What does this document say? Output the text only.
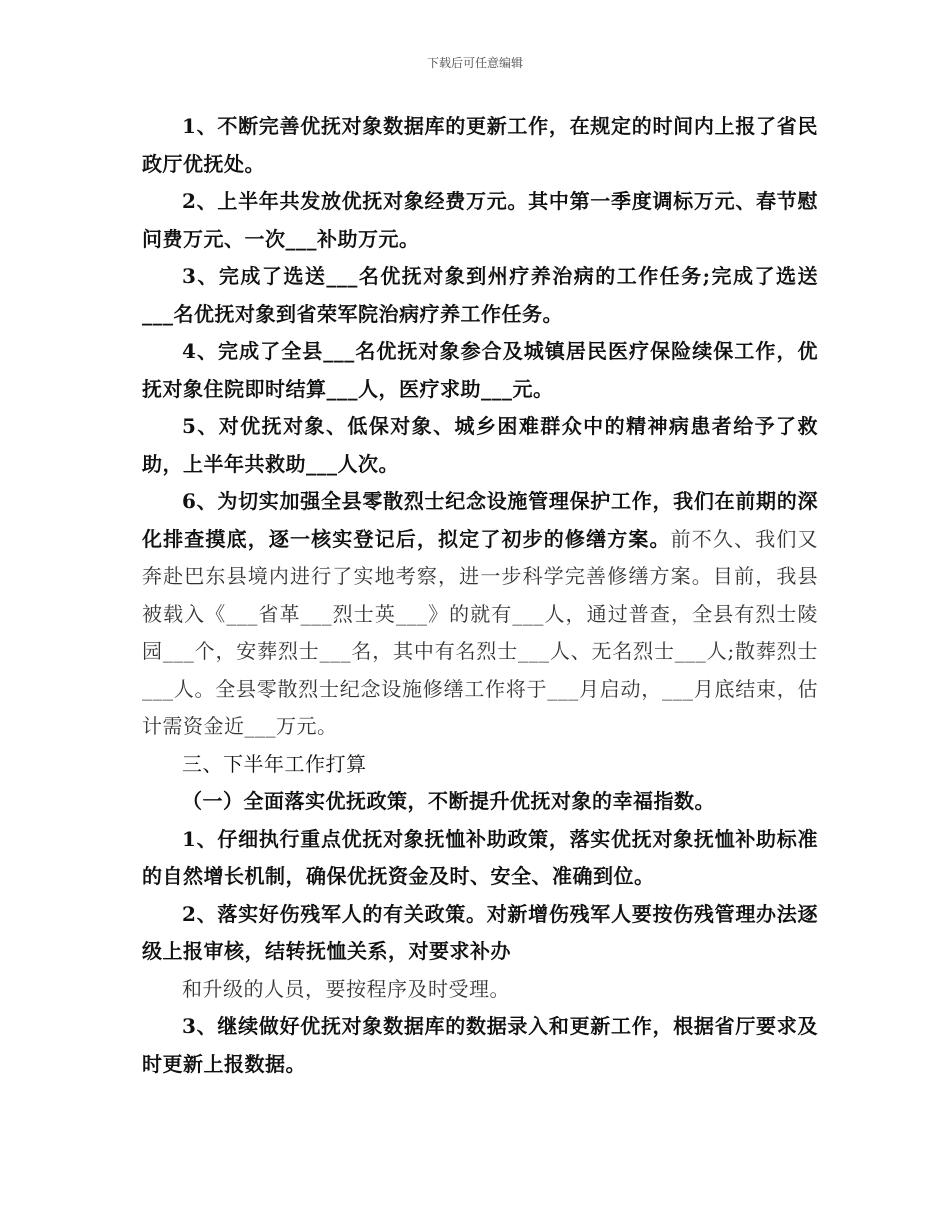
下载后可任意编辑

1、不断完善优抚对象数据库的更新工作，在规定的时间内上报了省民政厅优抚处。

2、上半年共发放优抚对象经费万元。其中第一季度调标万元、春节慰问费万元、一次___补助万元。

3、完成了选送___名优抚对象到州疗养治病的工作任务;完成了选送___名优抚对象到省荣军院治病疗养工作任务。

4、完成了全县___名优抚对象参合及城镇居民医疗保险续保工作，优抚对象住院即时结算___人，医疗求助___元。

5、对优抚对象、低保对象、城乡困难群众中的精神病患者给予了救助，上半年共救助___人次。

6、为切实加强全县零散烈士纪念设施管理保护工作，我们在前期的深化排查摸底，逐一核实登记后，拟定了初步的修缮方案。前不久、我们又奔赴巴东县境内进行了实地考察，进一步科学完善修缮方案。目前，我县被载入《___省革___烈士英___》的就有___人，通过普查，全县有烈士陵园___个，安葬烈士___名，其中有名烈士___人、无名烈士___人;散葬烈士___人。全县零散烈士纪念设施修缮工作将于___月启动，___月底结束，估计需资金近___万元。

三、下半年工作打算

（一）全面落实优抚政策，不断提升优抚对象的幸福指数。

1、仔细执行重点优抚对象抚恤补助政策，落实优抚对象抚恤补助标准的自然增长机制，确保优抚资金及时、安全、准确到位。

2、落实好伤残军人的有关政策。对新增伤残军人要按伤残管理办法逐级上报审核，结转抚恤关系，对要求补办

和升级的人员，要按程序及时受理。

3、继续做好优抚对象数据库的数据录入和更新工作，根据省厅要求及时更新上报数据。
